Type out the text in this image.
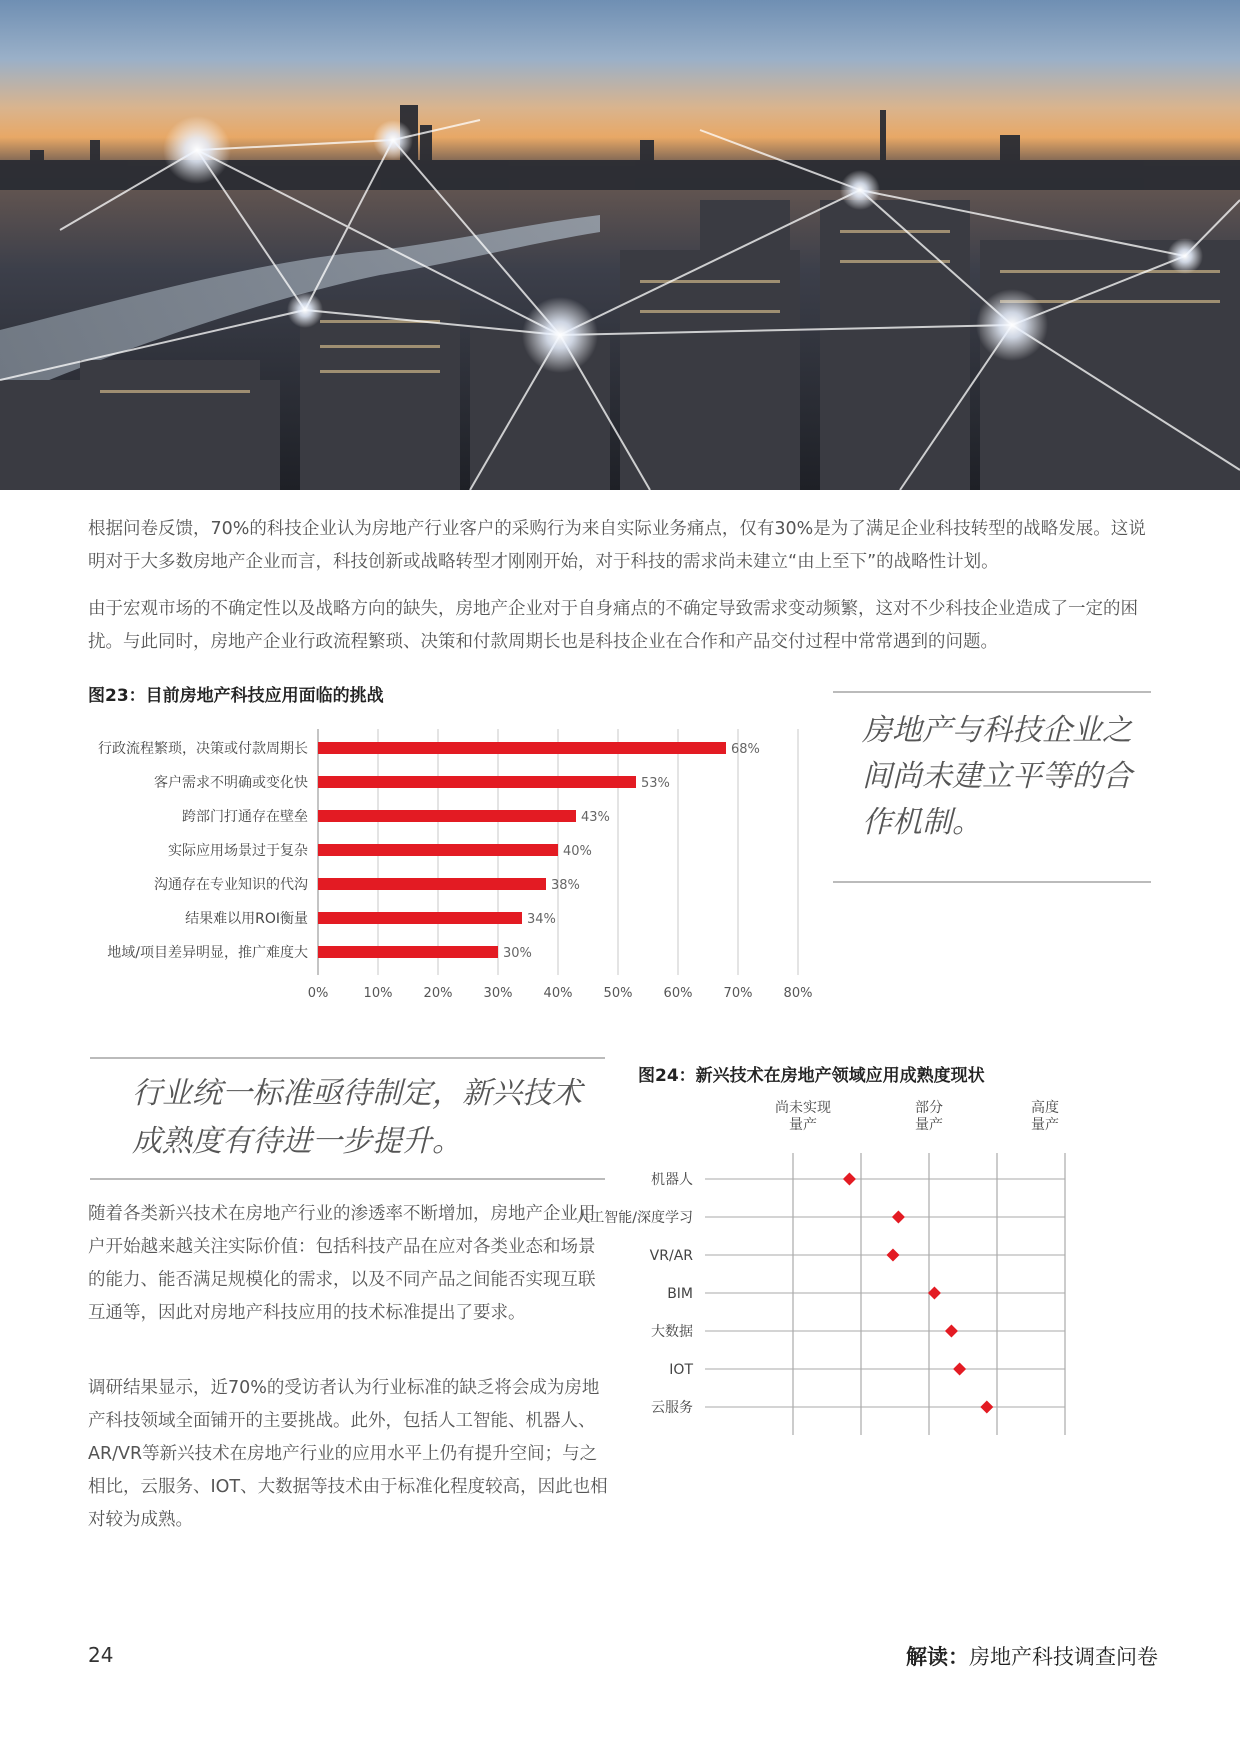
根据问卷反馈，70%的科技企业认为房地产行业客户的采购行为来自实际业务痛点，仅有30%是为了满足企业科技转型的战略发展。这说明对于大多数房地产企业而言，科技创新或战略转型才刚刚开始，对于科技的需求尚未建立“由上至下”的战略性计划。

由于宏观市场的不确定性以及战略方向的缺失，房地产企业对于自身痛点的不确定导致需求变动频繁，这对不少科技企业造成了一定的困扰。与此同时，房地产企业行政流程繁琐、决策和付款周期长也是科技企业在合作和产品交付过程中常常遇到的问题。

图23：目前房地产科技应用面临的挑战
0%	10% 20% 30% 40% 50% 60% 70% 80%
行政流程繁琐，决策或付款周期长	68%
客户需求不明确或变化快	53%
跨部门打通存在壁垒	43%
实际应用场景过于复杂	40%
沟通存在专业知识的代沟	38%
结果难以用ROI衡量	34%
地域/项目差异明显，推广难度大	30%
房地产与科技企业之间尚未建立平等的合作机制。
行业统一标准亟待制定，新兴技术成熟度有待进一步提升。

随着各类新兴技术在房地产行业的渗透率不断增加，房地产企业用户开始越来越关注实际价值：包括科技产品在应对各类业态和场景的能力、能否满足规模化的需求，以及不同产品之间能否实现互联互通等，因此对房地产科技应用的技术标准提出了要求。

调研结果显示，近70%的受访者认为行业标准的缺乏将会成为房地产科技领域全面铺开的主要挑战。此外，包括人工智能、机器人、AR/VR等新兴技术在房地产行业的应用水平上仍有提升空间；与之相比，云服务、IOT、大数据等技术由于标准化程度较高，因此也相对较为成熟。

图24：新兴技术在房地产领域应用成熟度现状
尚未实现
量产
部分
量产
高度
量产
机器人
人工智能/深度学习
VR/AR
BIM
大数据
IOT
云服务
24	解读：房地产科技调查问卷
